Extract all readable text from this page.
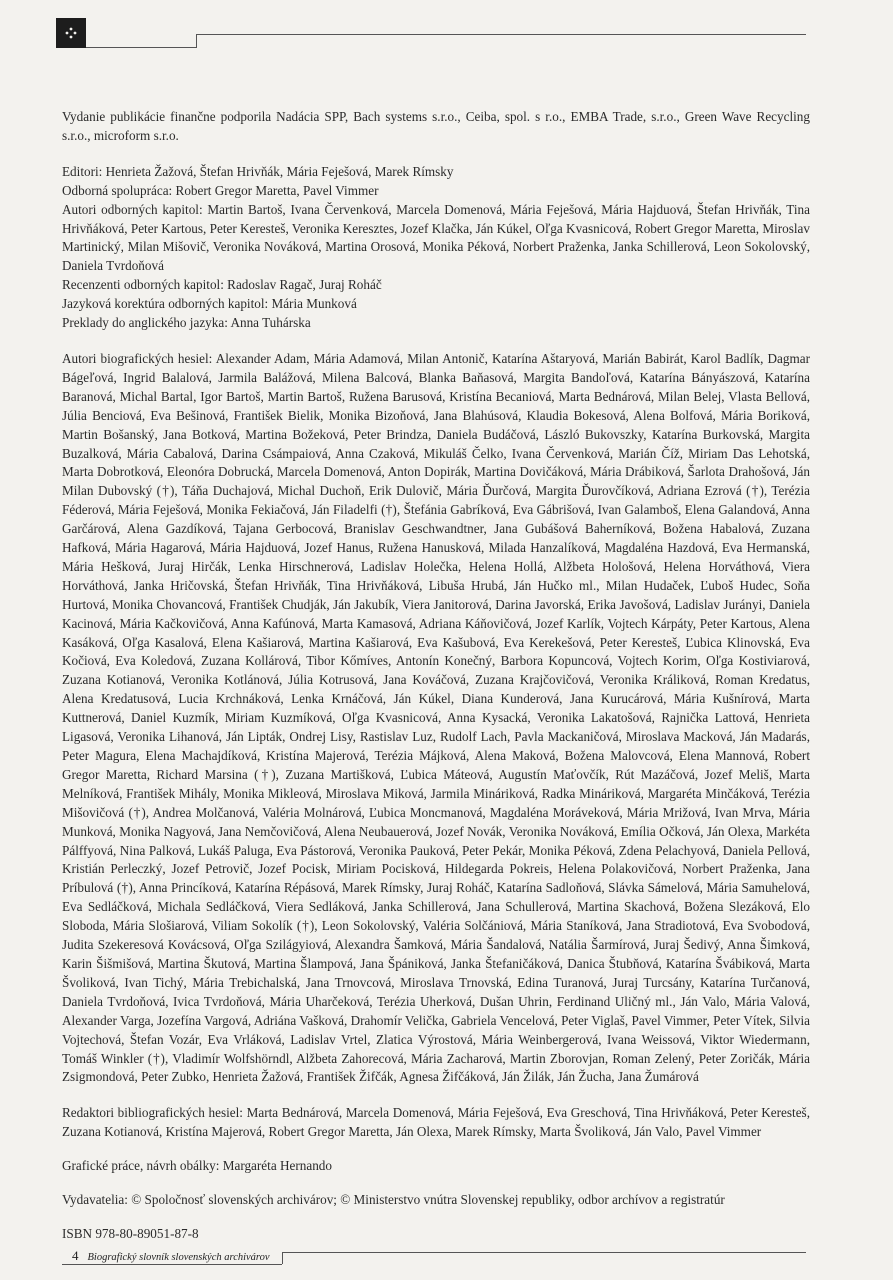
Vydanie publikácie finančne podporila Nadácia SPP, Bach systems s.r.o., Ceiba, spol. s r.o., EMBA Trade, s.r.o., Green Wave Recycling s.r.o., microform s.r.o.

Editori: Henrieta Žažová, Štefan Hrivňák, Mária Feješová, Marek Rímsky

Odborná spolupráca: Robert Gregor Maretta, Pavel Vimmer

Autori odborných kapitol: Martin Bartoš, Ivana Červenková, Marcela Domenová, Mária Feješová, Mária Hajduová, Štefan Hrivňák, Tina Hrivňáková, Peter Kartous, Peter Keresteš, Veronika Keresztes, Jozef Klačka, Ján Kúkel, Oľga Kvasnicová, Robert Gregor Maretta, Miroslav Martinický, Milan Mišovič, Veronika Nováková, Martina Orosová, Monika Péková, Norbert Praženka, Janka Schillerová, Leon Sokolovský, Daniela Tvrdoňová

Recenzenti odborných kapitol: Radoslav Ragač, Juraj Roháč

Jazyková korektúra odborných kapitol: Mária Munková

Preklady do anglického jazyka: Anna Tuhárska

Autori biografických hesiel: Alexander Adam, Mária Adamová, Milan Antonič, Katarína Aštaryová, Marián Babirát, Karol Badlík, Dagmar Bágeľová, Ingrid Balalová, Jarmila Balážová, Milena Balcová, Blanka Baňasová, Margita Bandoľová, Katarína Bányászová, Katarína Baranová, Michal Bartal, Igor Bartoš, Martin Bartoš, Ružena Barusová, Kristína Becaniová, Marta Bednárová, Milan Belej, Vlasta Bellová, Júlia Benciová, Eva Bešinová, František Bielik, Monika Bizoňová, Jana Blahúsová, Klaudia Bokesová, Alena Bolfová, Mária Boriková, Martin Bošanský, Jana Botková, Martina Božeková, Peter Brindza, Daniela Budáčová, László Bukovszky, Katarína Burkovská, Margita Buzalková, Mária Cabalová, Darina Csámpaiová, Anna Czaková, Mikuláš Čelko, Ivana Červenková, Marián Číž, Miriam Das Lehotská, Marta Dobrotková, Eleonóra Dobrucká, Marcela Domenová, Anton Dopirák, Martina Dovičáková, Mária Drábiková, Šarlota Drahošová, Ján Milan Dubovský (†), Táňa Duchajová, Michal Duchoň, Erik Dulovič, Mária Ďurčová, Margita Ďurovčíková, Adriana Ezrová (†), Terézia Féderová, Mária Feješová, Monika Fekiačová, Ján Filadelfi (†), Štefánia Gabríková, Eva Gábrišová, Ivan Galamboš, Elena Galandová, Anna Garčárová, Alena Gazdíková, Tajana Gerbocová, Branislav Geschwandtner, Jana Gubášová Baherníková, Božena Habalová, Zuzana Hafková, Mária Hagarová, Mária Hajduová, Jozef Hanus, Ružena Hanusková, Milada Hanzalíková, Magdaléna Hazdová, Eva Hermanská, Mária Hešková, Juraj Hirčák, Lenka Hirschnerová, Ladislav Holečka, Helena Hollá, Alžbeta Hološová, Helena Horváthová, Viera Horváthová, Janka Hričovská, Štefan Hrivňák, Tina Hrivňáková, Libuša Hrubá, Ján Hučko ml., Milan Hudaček, Ľuboš Hudec, Soňa Hurtová, Monika Chovancová, František Chudják, Ján Jakubík, Viera Janitorová, Darina Javorská, Erika Javošová, Ladislav Jurányi, Daniela Kacinová, Mária Kačkovičová, Anna Kafúnová, Marta Kamasová, Adriana Káňovičová, Jozef Karlík, Vojtech Kárpáty, Peter Kartous, Alena Kasáková, Oľga Kasalová, Elena Kašiarová, Martina Kašiarová, Eva Kašubová, Eva Kerekešová, Peter Keresteš, Ľubica Klinovská, Eva Kočiová, Eva Koledová, Zuzana Kollárová, Tibor Kőmíves, Antonín Konečný, Barbora Kopuncová, Vojtech Korim, Oľga Kostiviarová, Zuzana Kotianová, Veronika Kotlánová, Júlia Kotrusová, Jana Kováčová, Zuzana Krajčovičová, Veronika Králiková, Roman Kredatus, Alena Kredatusová, Lucia Krchnáková, Lenka Krnáčová, Ján Kúkel, Diana Kunderová, Jana Kurucárová, Mária Kušnírová, Marta Kuttnerová, Daniel Kuzmík, Miriam Kuzmíková, Oľga Kvasnicová, Anna Kysacká, Veronika Lakatošová, Rajnička Lattová, Henrieta Ligasová, Veronika Lihanová, Ján Lipták, Ondrej Lisy, Rastislav Luz, Rudolf Lach, Pavla Mackaničová, Miroslava Macková, Ján Madarás, Peter Magura, Elena Machajdíková, Kristína Majerová, Terézia Májková, Alena Maková, Božena Malovcová, Elena Mannová, Robert Gregor Maretta, Richard Marsina (†), Zuzana Martišková, Ľubica Máteová, Augustín Maťovčík, Rút Mazáčová, Jozef Meliš, Marta Melníková, František Mihály, Monika Mikleová, Miroslava Miková, Jarmila Mináriková, Radka Mináriková, Margaréta Minčáková, Terézia Mišovičová (†), Andrea Molčanová, Valéria Molnárová, Ľubica Moncmanová, Magdaléna Moráveková, Mária Mrižová, Ivan Mrva, Mária Munková, Monika Nagyová, Jana Nemčovičová, Alena Neubauerová, Jozef Novák, Veronika Nováková, Emília Očková, Ján Olexa, Markéta Pálffyová, Nina Palková, Lukáš Paluga, Eva Pástorová, Veronika Pauková, Peter Pekár, Monika Péková, Zdena Pelachyová, Daniela Pellová, Kristián Perleczký, Jozef Petrovič, Jozef Pocisk, Miriam Pocisková, Hildegarda Pokreis, Helena Polakovičová, Norbert Praženka, Jana Príbulová (†), Anna Princíková, Katarína Répásová, Marek Rímsky, Juraj Roháč, Katarína Sadloňová, Slávka Sámelová, Mária Samuhelová, Eva Sedláčková, Michala Sedláčková, Viera Sedláková, Janka Schillerová, Jana Schullerová, Martina Skachová, Božena Slezáková, Elo Sloboda, Mária Slošiarová, Viliam Sokolík (†), Leon Sokolovský, Valéria Solčániová, Mária Staníková, Jana Stradiotová, Eva Svobodová, Judita Szekeresová Kovácsová, Oľga Szilágyiová, Alexandra Šamková, Mária Šandalová, Natália Šarmírová, Juraj Šedivý, Anna Šimková, Karin Šišmišová, Martina Škutová, Martina Šlampová, Jana Špániková, Janka Štefaničáková, Danica Štubňová, Katarína Švábiková, Marta Švoliková, Ivan Tichý, Mária Trebichalská, Jana Trnovcová, Miroslava Trnovská, Edina Turanová, Juraj Turcsány, Katarína Turčanová, Daniela Tvrdoňová, Ivica Tvrdoňová, Mária Uharčeková, Terézia Uherková, Dušan Uhrin, Ferdinand Uličný ml., Ján Valo, Mária Valová, Alexander Varga, Jozefína Vargová, Adriána Vašková, Drahomír Velička, Gabriela Vencelová, Peter Viglaš, Pavel Vimmer, Peter Vítek, Silvia Vojtechová, Štefan Vozár, Eva Vrláková, Ladislav Vrtel, Zlatica Výrostová, Mária Weinbergerová, Ivana Weissová, Viktor Wiedermann, Tomáš Winkler (†), Vladimír Wolfshörndl, Alžbeta Zahorecová, Mária Zacharová, Martin Zborovjan, Roman Zelený, Peter Zoričák, Mária Zsigmondová, Peter Zubko, Henrieta Žažová, František Žifčák, Agnesa Žifčáková, Ján Žilák, Ján Žucha, Jana Žumárová

Redaktori bibliografických hesiel: Marta Bednárová, Marcela Domenová, Mária Feješová, Eva Greschová, Tina Hrivňáková, Peter Keresteš, Zuzana Kotianová, Kristína Majerová, Robert Gregor Maretta, Ján Olexa, Marek Rímsky, Marta Švoliková, Ján Valo, Pavel Vimmer

Grafické práce, návrh obálky: Margaréta Hernando

Vydavatelia: © Spoločnosť slovenských archivárov; © Ministerstvo vnútra Slovenskej republiky, odbor archívov a registratúr

ISBN 978-80-89051-87-8

4 Biografický slovník slovenských archivárov
